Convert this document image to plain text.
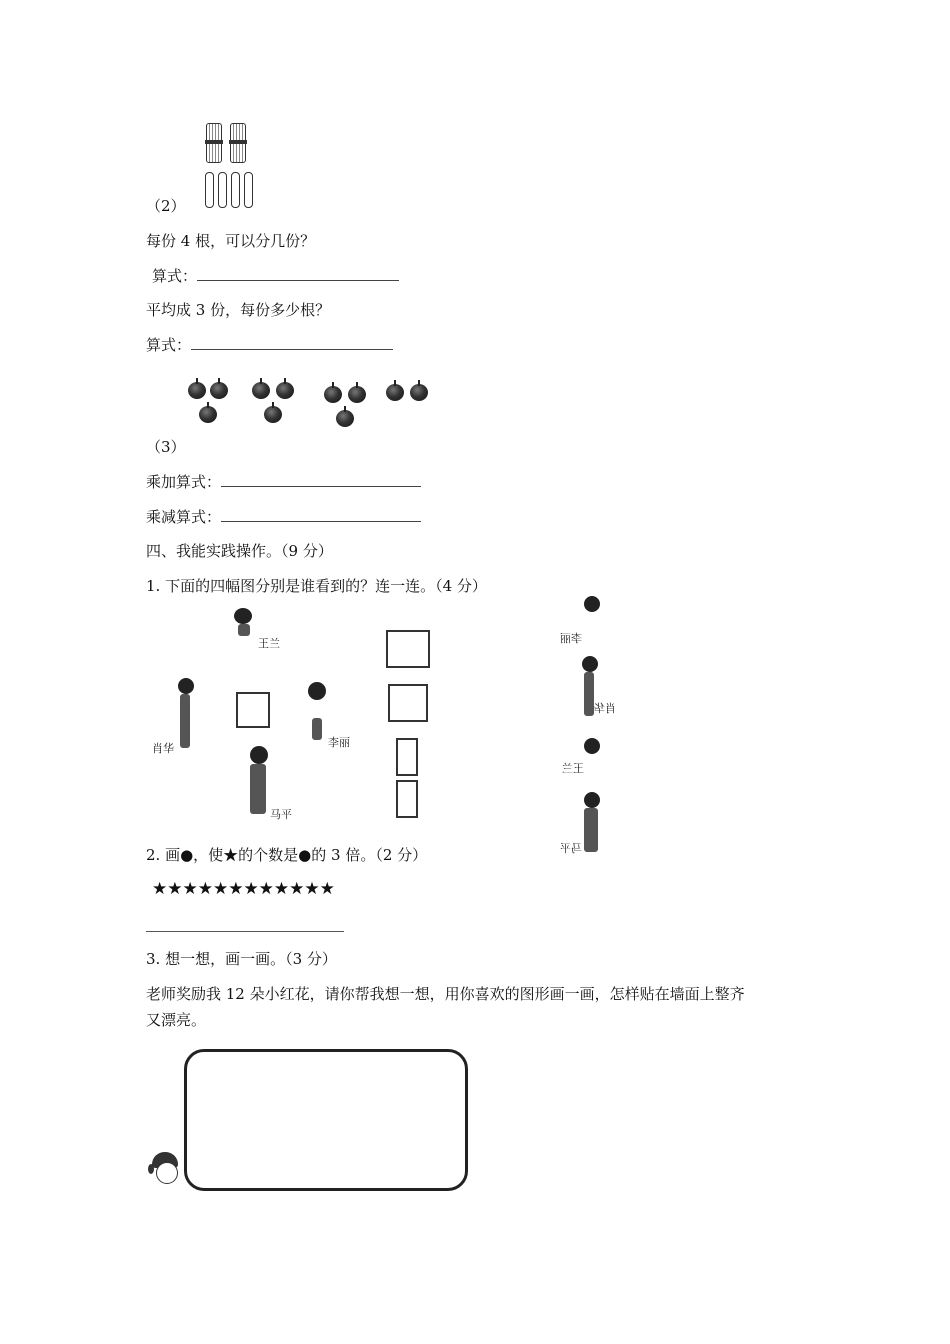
（2）
每份 4 根，可以分几份？
算式：
平均成 3 份，每份多少根？
算式：
（3）
乘加算式：
乘减算式：
四、我能实践操作。（9 分）
1. 下面的四幅图分别是谁看到的？连一连。（4 分）
王兰
肖华	李丽
马平
李丽
肖华
王兰
马平
2. 画●，使★的个数是●的 3 倍。（2 分）
★★★★★★★★★★★★
3. 想一想，画一画。（3 分）
老师奖励我 12 朵小红花，请你帮我想一想，用你喜欢的图形画一画，怎样贴在墙面上整齐
又漂亮。
